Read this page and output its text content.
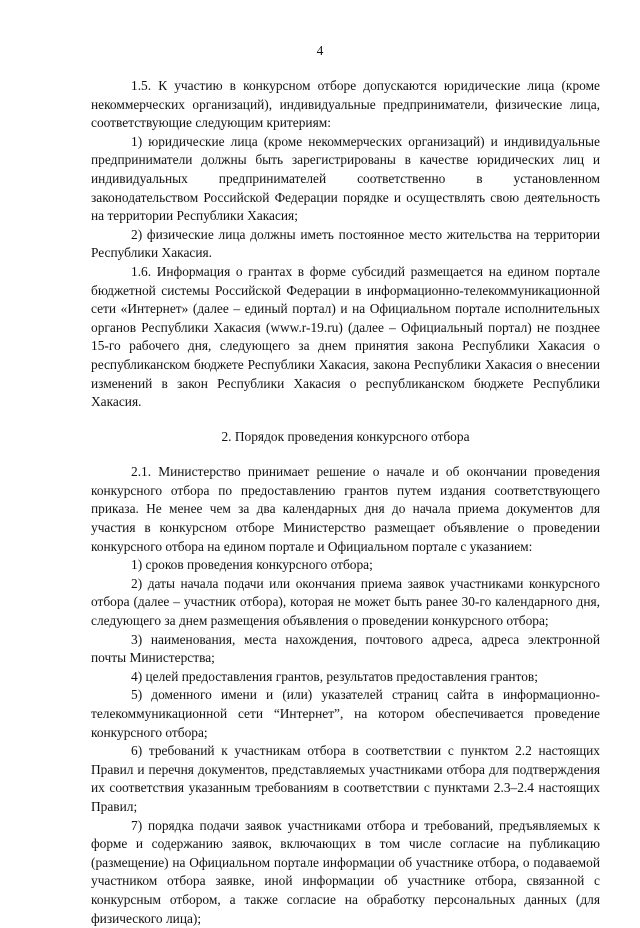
4

1.5. К участию в конкурсном отборе допускаются юридические лица (кроме некоммерческих организаций), индивидуальные предприниматели, физические лица, соответствующие следующим критериям:

1) юридические лица (кроме некоммерческих организаций) и индивидуальные предприниматели должны быть зарегистрированы в качестве юридических лиц и индивидуальных предпринимателей соответственно в установленном законодательством Российской Федерации порядке и осуществлять свою деятельность на территории Республики Хакасия;

2) физические лица должны иметь постоянное место жительства на территории Республики Хакасия.

1.6. Информация о грантах в форме субсидий размещается на едином портале бюджетной системы Российской Федерации в информационно-телекоммуникационной сети «Интернет» (далее – единый портал) и на Официальном портале исполнительных органов Республики Хакасия (www.r-19.ru) (далее – Официальный портал) не позднее 15-го рабочего дня, следующего за днем принятия закона Республики Хакасия о республиканском бюджете Республики Хакасия, закона Республики Хакасия о внесении изменений в закон Республики Хакасия о республиканском бюджете Республики Хакасия.

2. Порядок проведения конкурсного отбора

2.1. Министерство принимает решение о начале и об окончании проведения конкурсного отбора по предоставлению грантов путем издания соответствующего приказа. Не менее чем за два календарных дня до начала приема документов для участия в конкурсном отборе Министерство размещает объявление о проведении конкурсного отбора на едином портале и Официальном портале с указанием:

1) сроков проведения конкурсного отбора;

2) даты начала подачи или окончания приема заявок участниками конкурсного отбора (далее – участник отбора), которая не может быть ранее 30-го календарного дня, следующего за днем размещения объявления о проведении конкурсного отбора;

3) наименования, места нахождения, почтового адреса, адреса электронной почты Министерства;

4) целей предоставления грантов, результатов предоставления грантов;

5) доменного имени и (или) указателей страниц сайта в информационно-телекоммуникационной сети “Интернет”, на котором обеспечивается проведение конкурсного отбора;

6) требований к участникам отбора в соответствии с пунктом 2.2 настоящих Правил и перечня документов, представляемых участниками отбора для подтверждения их соответствия указанным требованиям в соответствии с пунктами 2.3–2.4 настоящих Правил;

7) порядка подачи заявок участниками отбора и требований, предъявляемых к форме и содержанию заявок, включающих в том числе согласие на публикацию (размещение) на Официальном портале информации об участнике отбора, о подаваемой участником отбора заявке, иной информации об участнике отбора, связанной с конкурсным отбором, а также согласие на обработку персональных данных (для физического лица);
